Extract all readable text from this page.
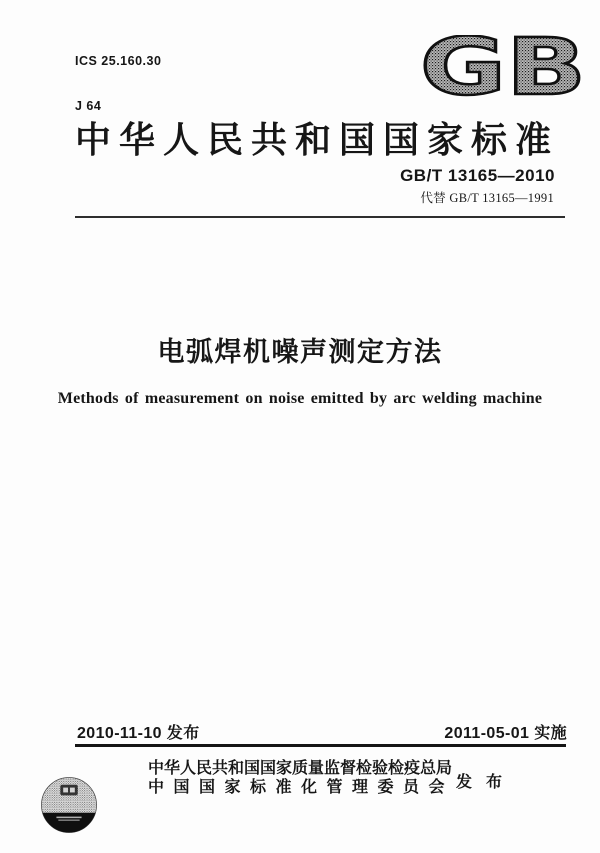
ICS 25.160.30

J 64

	GB
中华人民共和国国家标准
GB/T 13165—2010
代替 GB/T 13165—1991
电弧焊机噪声测定方法
Methods of measurement on noise emitted by arc welding machine
2010-11-10 发布	2011-05-01 实施
中华人民共和国国家质量监督检验检疫总局
中国国家标准化管理委员会 发 布
